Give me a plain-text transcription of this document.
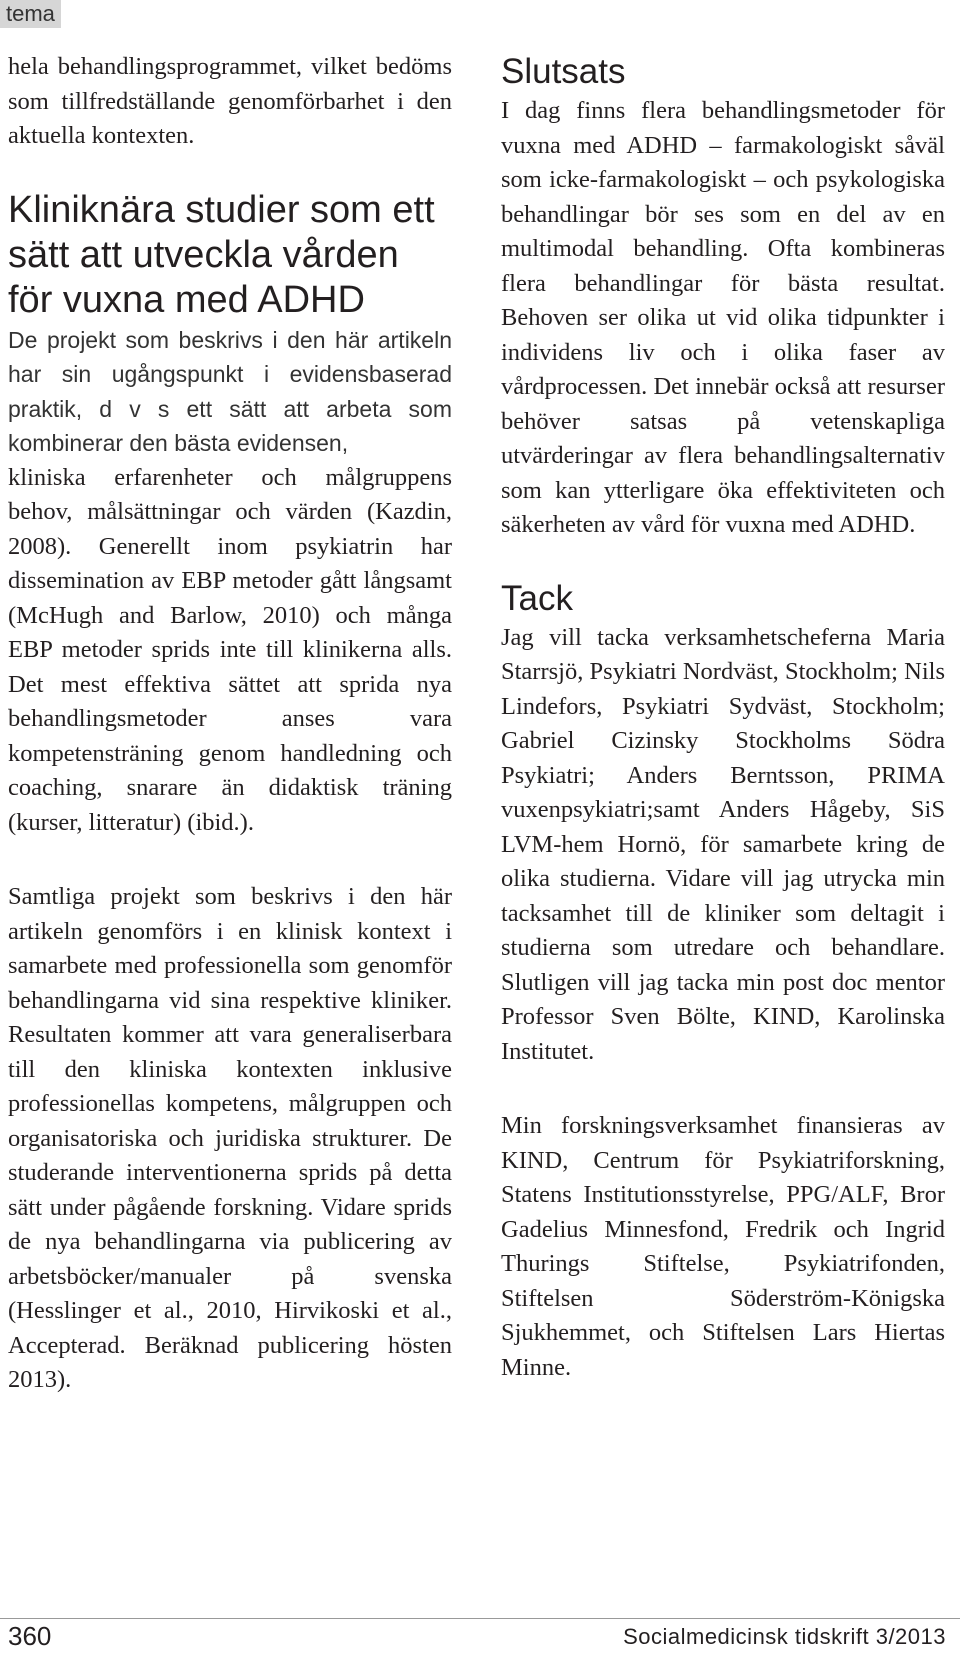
tema

hela behandlingsprogrammet, vilket bedöms som tillfredställande genomförbarhet i den aktuella kontexten.

Kliniknära studier som ett sätt att utveckla vården för vuxna med ADHD

De projekt som beskrivs i den här artikeln har sin ugångspunkt i evidensbaserad praktik, d v s ett sätt att arbeta som kombinerar den bästa evidensen,

kliniska erfarenheter och målgruppens behov, målsättningar och värden (Kazdin, 2008). Generellt inom psykiatrin har dissemination av EBP metoder gått långsamt (McHugh and Barlow, 2010) och många EBP metoder sprids inte till klinikerna alls. Det mest effektiva sättet att sprida nya behandlingsmetoder anses vara kompetensträning genom handledning och coaching, snarare än didaktisk träning (kurser, litteratur) (ibid.).

Samtliga projekt som beskrivs i den här artikeln genomförs i en klinisk kontext i samarbete med professionella som genomför behandlingarna vid sina respektive kliniker. Resultaten kommer att vara generaliserbara till den kliniska kontexten inklusive professionellas kompetens, målgruppen och organisatoriska och juridiska strukturer. De studerande interventionerna sprids på detta sätt under pågående forskning. Vidare sprids de nya behandlingarna via publicering av arbetsböcker/manualer på svenska (Hesslinger et al., 2010, Hirvikoski et al., Accepterad. Beräknad publicering hösten 2013).

Slutsats

I dag finns flera behandlingsmetoder för vuxna med ADHD – farmakologiskt såväl som icke-farmakologiskt – och psykologiska behandlingar bör ses som en del av en multimodal behandling. Ofta kombineras flera behandlingar för bästa resultat. Behoven ser olika ut vid olika tidpunkter i individens liv och i olika faser av vårdprocessen. Det innebär också att resurser behöver satsas på vetenskapliga utvärderingar av flera behandlingsalternativ som kan ytterligare öka effektiviteten och säkerheten av vård för vuxna med ADHD.

Tack

Jag vill tacka verksamhetscheferna Maria Starrsjö, Psykiatri Nordväst, Stockholm; Nils Lindefors, Psykiatri Sydväst, Stockholm; Gabriel Cizinsky Stockholms Södra Psykiatri; Anders Berntsson, PRIMA vuxenpsykiatri;samt Anders Hågeby, SiS LVM-hem Hornö, för samarbete kring de olika studierna. Vidare vill jag utrycka min tacksamhet till de kliniker som deltagit i studierna som utredare och behandlare. Slutligen vill jag tacka min post doc mentor Professor Sven Bölte, KIND, Karolinska Institutet.

Min forskningsverksamhet finansieras av KIND, Centrum för Psykiatriforskning, Statens Institutionsstyrelse, PPG/ALF, Bror Gadelius Minnesfond, Fredrik och Ingrid Thurings Stiftelse, Psykiatrifonden, Stiftelsen Söderström-Königska Sjukhemmet, och Stiftelsen Lars Hiertas Minne.

360	Socialmedicinsk tidskrift 3/2013
